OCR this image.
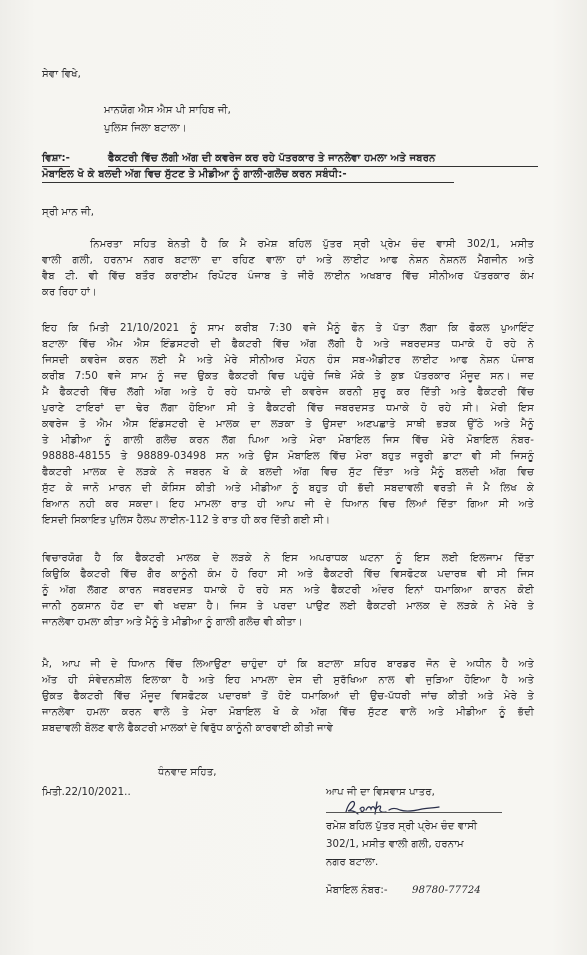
ਸੇਵਾ ਵਿਖੇ,
ਮਾਨਯੋਗ ਐਸ ਐਸ ਪੀ ਸਾਹਿਬ ਜੀ,
ਪੁਲਿਸ ਜਿਲਾ ਬਟਾਲਾ।
ਵਿਸ਼ਾ:-	ਫੈਕਟਰੀ ਵਿੱਚ ਲੱਗੀ ਅੱਗ ਦੀ ਕਵਰੇਜ ਕਰ ਰਹੇ ਪੱਤਰਕਾਰ ਤੇ ਜਾਨਲੇਵਾ ਹਮਲਾ ਅਤੇ ਜਬਰਨ
ਮੋਬਾਇਲ ਖੋ ਕੇ ਬਲਦੀ ਅੱਗ ਵਿਚ ਸੁੱਟਣ ਤੇ ਮੀਡੀਆ ਨੂੰ ਗਾਲੀ-ਗਲੋਚ ਕਰਨ ਸਬੰਧੀ:-
ਸ੍ਰੀ ਮਾਨ ਜੀ,
ਨਿਮਰਤਾ ਸਹਿਤ ਬੇਨਤੀ ਹੈ ਕਿ ਮੈ ਰਮੇਸ਼ ਬਹਿਲ ਪੁੱਤਰ ਸ੍ਰੀ ਪ੍ਰੇਮ ਚੰਦ ਵਾਸੀ 302/1, ਮਸੀਤ
ਵਾਲੀ ਗਲੀ, ਹਰਨਾਮ ਨਗਰ ਬਟਾਲਾ ਦਾ ਰਹਿਣ ਵਾਲਾ ਹਾਂ ਅਤੇ ਲਾਈਟ ਆਫ ਨੇਸ਼ਨ ਨੇਸ਼ਨਲ ਮੈਗਜੀਨ ਅਤੇ
ਵੈਬ ਟੀ. ਵੀ ਵਿੱਚ ਬਤੌਰ ਕਰਾਈਮ ਰਿਪੋਟਰ ਪੰਜਾਬ ਤੇ ਜੀਰੋ ਲਾਈਨ ਅਖਬਾਰ ਵਿੱਚ ਸੀਨੀਅਰ ਪੱਤਰਕਾਰ ਕੰਮ
ਕਰ ਰਿਹਾ ਹਾਂ।
ਇਹ ਕਿ ਮਿਤੀ 21/10/2021 ਨੂੰ ਸਾਮ ਕਰੀਬ 7:30 ਵਜੇ ਮੈਨੂੰ ਫੋਨ ਤੇ ਪੱਤਾ ਲੱਗਾ ਕਿ ਫੋਕਲ ਪੁਆਇੰਟ
ਬਟਾਲਾ ਵਿੱਚ ਐਮ ਐਸ ਇੰਡਸਟਰੀ ਦੀ ਫੈਕਟਰੀ ਵਿੱਚ ਅੱਗ ਲੱਗੀ ਹੈ ਅਤੇ ਜਬਰਦਸਤ ਧਮਾਕੇ ਹੋ ਰਹੇ ਨੇ
ਜਿਸਦੀ ਕਵਰੇਜ ਕਰਨ ਲਈ ਮੈ ਅਤੇ ਮੇਰੇ ਸੀਨੀਅਰ ਮੋਹਨ ਹੰਸ ਸਬ-ਐਡੀਟਰ ਲਾਈਟ ਆਫ ਨੇਸ਼ਨ ਪੰਜਾਬ
ਕਰੀਬ 7:50 ਵਜੇ ਸਾਮ ਨੂੰ ਜਦ ਉਕਤ ਫੈਕਟਰੀ ਵਿਚ ਪਹੁੰਚੇ ਜਿਥੇ ਮੌਕੇ ਤੇ ਕੁਝ ਪੱਤਰਕਾਰ ਮੌਜੂਦ ਸਨ। ਜਦ
ਮੈ ਫੈਕਟਰੀ ਵਿੱਚ ਲੱਗੀ ਅੱਗ ਅਤੇ ਹੋ ਰਹੇ ਧਮਾਕੇ ਦੀ ਕਵਰੇਜ ਕਰਨੀ ਸੁਰੂ ਕਰ ਦਿੱਤੀ ਅਤੇ ਫੈਕਟਰੀ ਵਿੱਚ
ਪੁਰਾਣੇ ਟਾਇਰਾਂ ਦਾ ਢੇਰ ਲੱਗਾ ਹੋਇਆ ਸੀ ਤੇ ਫੈਕਟਰੀ ਵਿੱਚ ਜਬਰਦਸਤ ਧਮਾਕੇ ਹੋ ਰਹੇ ਸੀ। ਮੇਰੀ ਇਸ
ਕਵਰੇਜ ਤੋ ਐਮ ਐਸ ਇੰਡਸਟਰੀ ਦੇ ਮਾਲਕ ਦਾ ਲੜਕਾ ਤੇ ਉਸਦਾ ਅਣਪਛਾਤੇ ਸਾਥੀ ਭੜਕ ਉੱਠੇ ਅਤੇ ਮੈਨੂੰ
ਤੇ ਮੀਡੀਆ ਨੂੰ ਗਾਲੀ ਗਲੋਚ ਕਰਨ ਲੱਗ ਪਿਆ ਅਤੇ ਮੇਰਾ ਮੋਬਾਇਲ ਜਿਸ ਵਿੱਚ ਮੇਰੇ ਮੋਬਾਇਲ ਨੰਬਰ-
98888-48155 ਤੇ 98889-03498 ਸਨ ਅਤੇ ਉਸ ਮੋਬਾਇਲ ਵਿੱਚ ਮੇਰਾ ਬਹੁਤ ਜਰੂਰੀ ਡਾਟਾ ਵੀ ਸੀ ਜਿਸਨੂੰ
ਫੈਕਟਰੀ ਮਾਲਕ ਦੇ ਲੜਕੇ ਨੇ ਜਬਰਨ ਖੋ ਕੇ ਬਲਦੀ ਅੱਗ ਵਿਚ ਸੁੱਟ ਦਿੱਤਾ ਅਤੇ ਮੈਨੂੰ ਬਲਦੀ ਅੱਗ ਵਿਚ
ਸੁੱਟ ਕੇ ਜਾਨੋ ਮਾਰਨ ਦੀ ਕੋਸਿਸ ਕੀਤੀ ਅਤੇ ਮੀਡੀਆ ਨੂੰ ਬਹੁਤ ਹੀ ਭੱਦੀ ਸਬਦਾਵਲੀ ਵਰਤੀ ਜੋ ਮੈ ਲਿਖ ਕੇ
ਬਿਆਨ ਨਹੀ ਕਰ ਸਕਦਾ। ਇਹ ਮਾਮਲਾ ਰਾਤ ਹੀ ਆਪ ਜੀ ਦੇ ਧਿਆਨ ਵਿਚ ਲਿਆਂ ਦਿੱਤਾ ਗਿਆ ਸੀ ਅਤੇ
ਇਸਦੀ ਸਿਕਾਇਤ ਪੁਲਿਸ ਹੈਲਪ ਲਾਈਨ-112 ਤੇ ਰਾਤ ਹੀ ਕਰ ਦਿੱਤੀ ਗਈ ਸੀ।
ਵਿਚਾਰਯੋਗ ਹੈ ਕਿ ਫੈਕਟਰੀ ਮਾਲਕ ਦੇ ਲੜਕੇ ਨੇ ਇਸ ਅਪਰਾਧਕ ਘਟਨਾ ਨੂੰ ਇਸ ਲਈ ਇਲਜਾਮ ਦਿੱਤਾ
ਕਿਉਕਿ ਫੈਕਟਰੀ ਵਿੱਚ ਗੈਰ ਕਾਨੂੰਨੀ ਕੰਮ ਹੋ ਰਿਹਾ ਸੀ ਅਤੇ ਫੈਕਟਰੀ ਵਿੱਚ ਵਿਸਫੋਟਕ ਪਦਾਰਥ ਵੀ ਸੀ ਜਿਸ
ਨੂੰ ਅੱਗ ਲੱਗਣ ਕਾਰਨ ਜਬਰਦਸਤ ਧਮਾਕੇ ਹੋ ਰਹੇ ਸਨ ਅਤੇ ਫੈਕਟਰੀ ਅੰਦਰ ਇਨਾਂ ਧਮਾਕਿਆ ਕਾਰਨ ਕੋਈ
ਜਾਨੀ ਨੁਕਸਾਨ ਹੋਣ ਦਾ ਵੀ ਖਦਸ਼ਾ ਹੈ। ਜਿਸ ਤੇ ਪਰਦਾ ਪਾਉਣ ਲਈ ਫੈਕਟਰੀ ਮਾਲਕ ਦੇ ਲੜਕੇ ਨੇ ਮੇਰੇ ਤੇ
ਜਾਨਲੇਵਾ ਹਮਲਾ ਕੀਤਾ ਅਤੇ ਮੈਨੂੰ ਤੇ ਮੀਡੀਆ ਨੂੰ ਗਾਲੀ ਗਲੋਚ ਵੀ ਕੀਤਾ।
ਮੈ, ਆਪ ਜੀ ਦੇ ਧਿਆਨ ਵਿੱਚ ਲਿਆਉਣਾ ਚਾਹੁੰਦਾ ਹਾਂ ਕਿ ਬਟਾਲਾ ਸ਼ਹਿਰ ਬਾਰਡਰ ਜੋਨ ਦੇ ਅਧੀਨ ਹੈ ਅਤੇ
ਅੱਤ ਹੀ ਸੰਵੇਦਨਸ਼ੀਲ ਇਲਾਕਾ ਹੈ ਅਤੇ ਇਹ ਮਾਮਲਾ ਦੇਸ ਦੀ ਸੁਰੱਖਿਆ ਨਾਲ ਵੀ ਜੁੜਿਆ ਹੋਇਆ ਹੈ ਅਤੇ
ਉਕਤ ਫੈਕਟਰੀ ਵਿੱਚ ਮੌਜੂਦ ਵਿਸਫੋਟਕ ਪਦਾਰਥਾਂ ਤੋਂ ਹੋਏ ਧਮਾਕਿਆਂ ਦੀ ਉਚ-ਪੱਧਰੀ ਜਾਂਚ ਕੀਤੀ ਅਤੇ ਮੇਰੇ ਤੇ
ਜਾਨਲੇਵਾ ਹਮਲਾ ਕਰਨ ਵਾਲੇ ਤੇ ਮੇਰਾ ਮੋਬਾਇਲ ਖੋ ਕੇ ਅੱਗ ਵਿੱਚ ਸੁੱਟਣ ਵਾਲੇ ਅਤੇ ਮੀਡੀਆ ਨੂੰ ਭੱਦੀ
ਸ਼ਬਦਾਵਲੀ ਬੋਲਣ ਵਾਲੇ ਫੈਕਟਰੀ ਮਾਲਕਾਂ ਦੇ ਵਿਰੁੱਧ ਕਾਨੂੰਨੀ ਕਾਰਵਾਈ ਕੀਤੀ ਜਾਵੇ
ਧੰਨਵਾਦ ਸਹਿਤ,
ਮਿਤੀ.22/10/2021..	ਆਪ ਜੀ ਦਾ ਵਿਸਵਾਸ ਪਾਤਰ,
ਰਮੇਸ਼ ਬਹਿਲ ਪੁੱਤਰ ਸ੍ਰੀ ਪ੍ਰੇਮ ਚੰਦ ਵਾਸੀ
302/1, ਮਸੀਤ ਵਾਲੀ ਗਲੀ, ਹਰਨਾਮ
ਨਗਰ ਬਟਾਲਾ.
ਮੋਬਾਇਲ ਨੰਬਰ:- 98780-77724
